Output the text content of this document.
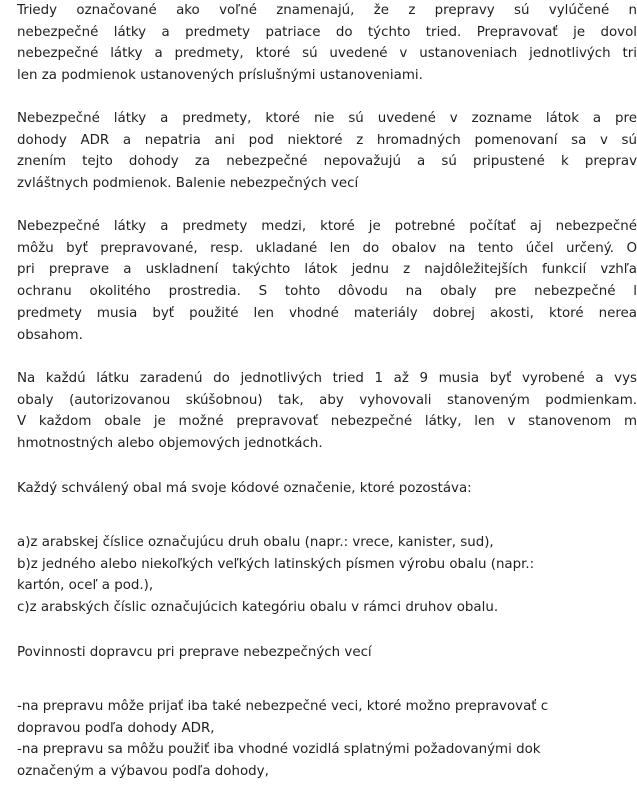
Triedy označované ako voľné znamenajú, že z prepravy sú vylúčené n
nebezpečné látky a predmety patriace do týchto tried. Prepravovať je dovol
nebezpečné látky a predmety, ktoré sú uvedené v ustanoveniach jednotlivých tri
len za podmienok ustanovených príslušnými ustanoveniami.
Nebezpečné látky a predmety, ktoré nie sú uvedené v zozname látok a pre
dohody ADR a nepatria ani pod niektoré z hromadných pomenovaní sa v sú
znením tejto dohody za nebezpečné nepovažujú a sú pripustené k preprav
zvláštnych podmienok. Balenie nebezpečných vecí
Nebezpečné látky a predmety medzi, ktoré je potrebné počítať aj nebezpečné
môžu byť prepravované, resp. ukladané len do obalov na tento účel určený. O
pri preprave a uskladnení takýchto látok jednu z najdôležitejších funkcií vzhľa
ochranu okolitého prostredia. S tohto dôvodu na obaly pre nebezpečné l
predmety musia byť použité len vhodné materiály dobrej akosti, ktoré nerea
obsahom.
Na každú látku zaradenú do jednotlivých tried 1 až 9 musia byť vyrobené a vys
obaly (autorizovanou skúšobnou) tak, aby vyhovovali stanoveným podmienkam.
V každom obale je možné prepravovať nebezpečné látky, len v stanovenom m
hmotnostných alebo objemových jednotkách.
Každý schválený obal má svoje kódové označenie, ktoré pozostáva:
a)z arabskej číslice označujúcu druh obalu (napr.: vrece, kanister, sud),
b)z jedného alebo niekoľkých veľkých latinských písmen výrobu obalu (napr.:
kartón, oceľ a pod.),
c)z arabských číslic označujúcich kategóriu obalu v rámci druhov obalu.
Povinnosti dopravcu pri preprave nebezpečných vecí
-na prepravu môže prijať iba také nebezpečné veci, ktoré možno prepravovať c
dopravou podľa dohody ADR,
-na prepravu sa môžu použiť iba vhodné vozidlá splatnými požadovanými dok
označeným a výbavou podľa dohody,
